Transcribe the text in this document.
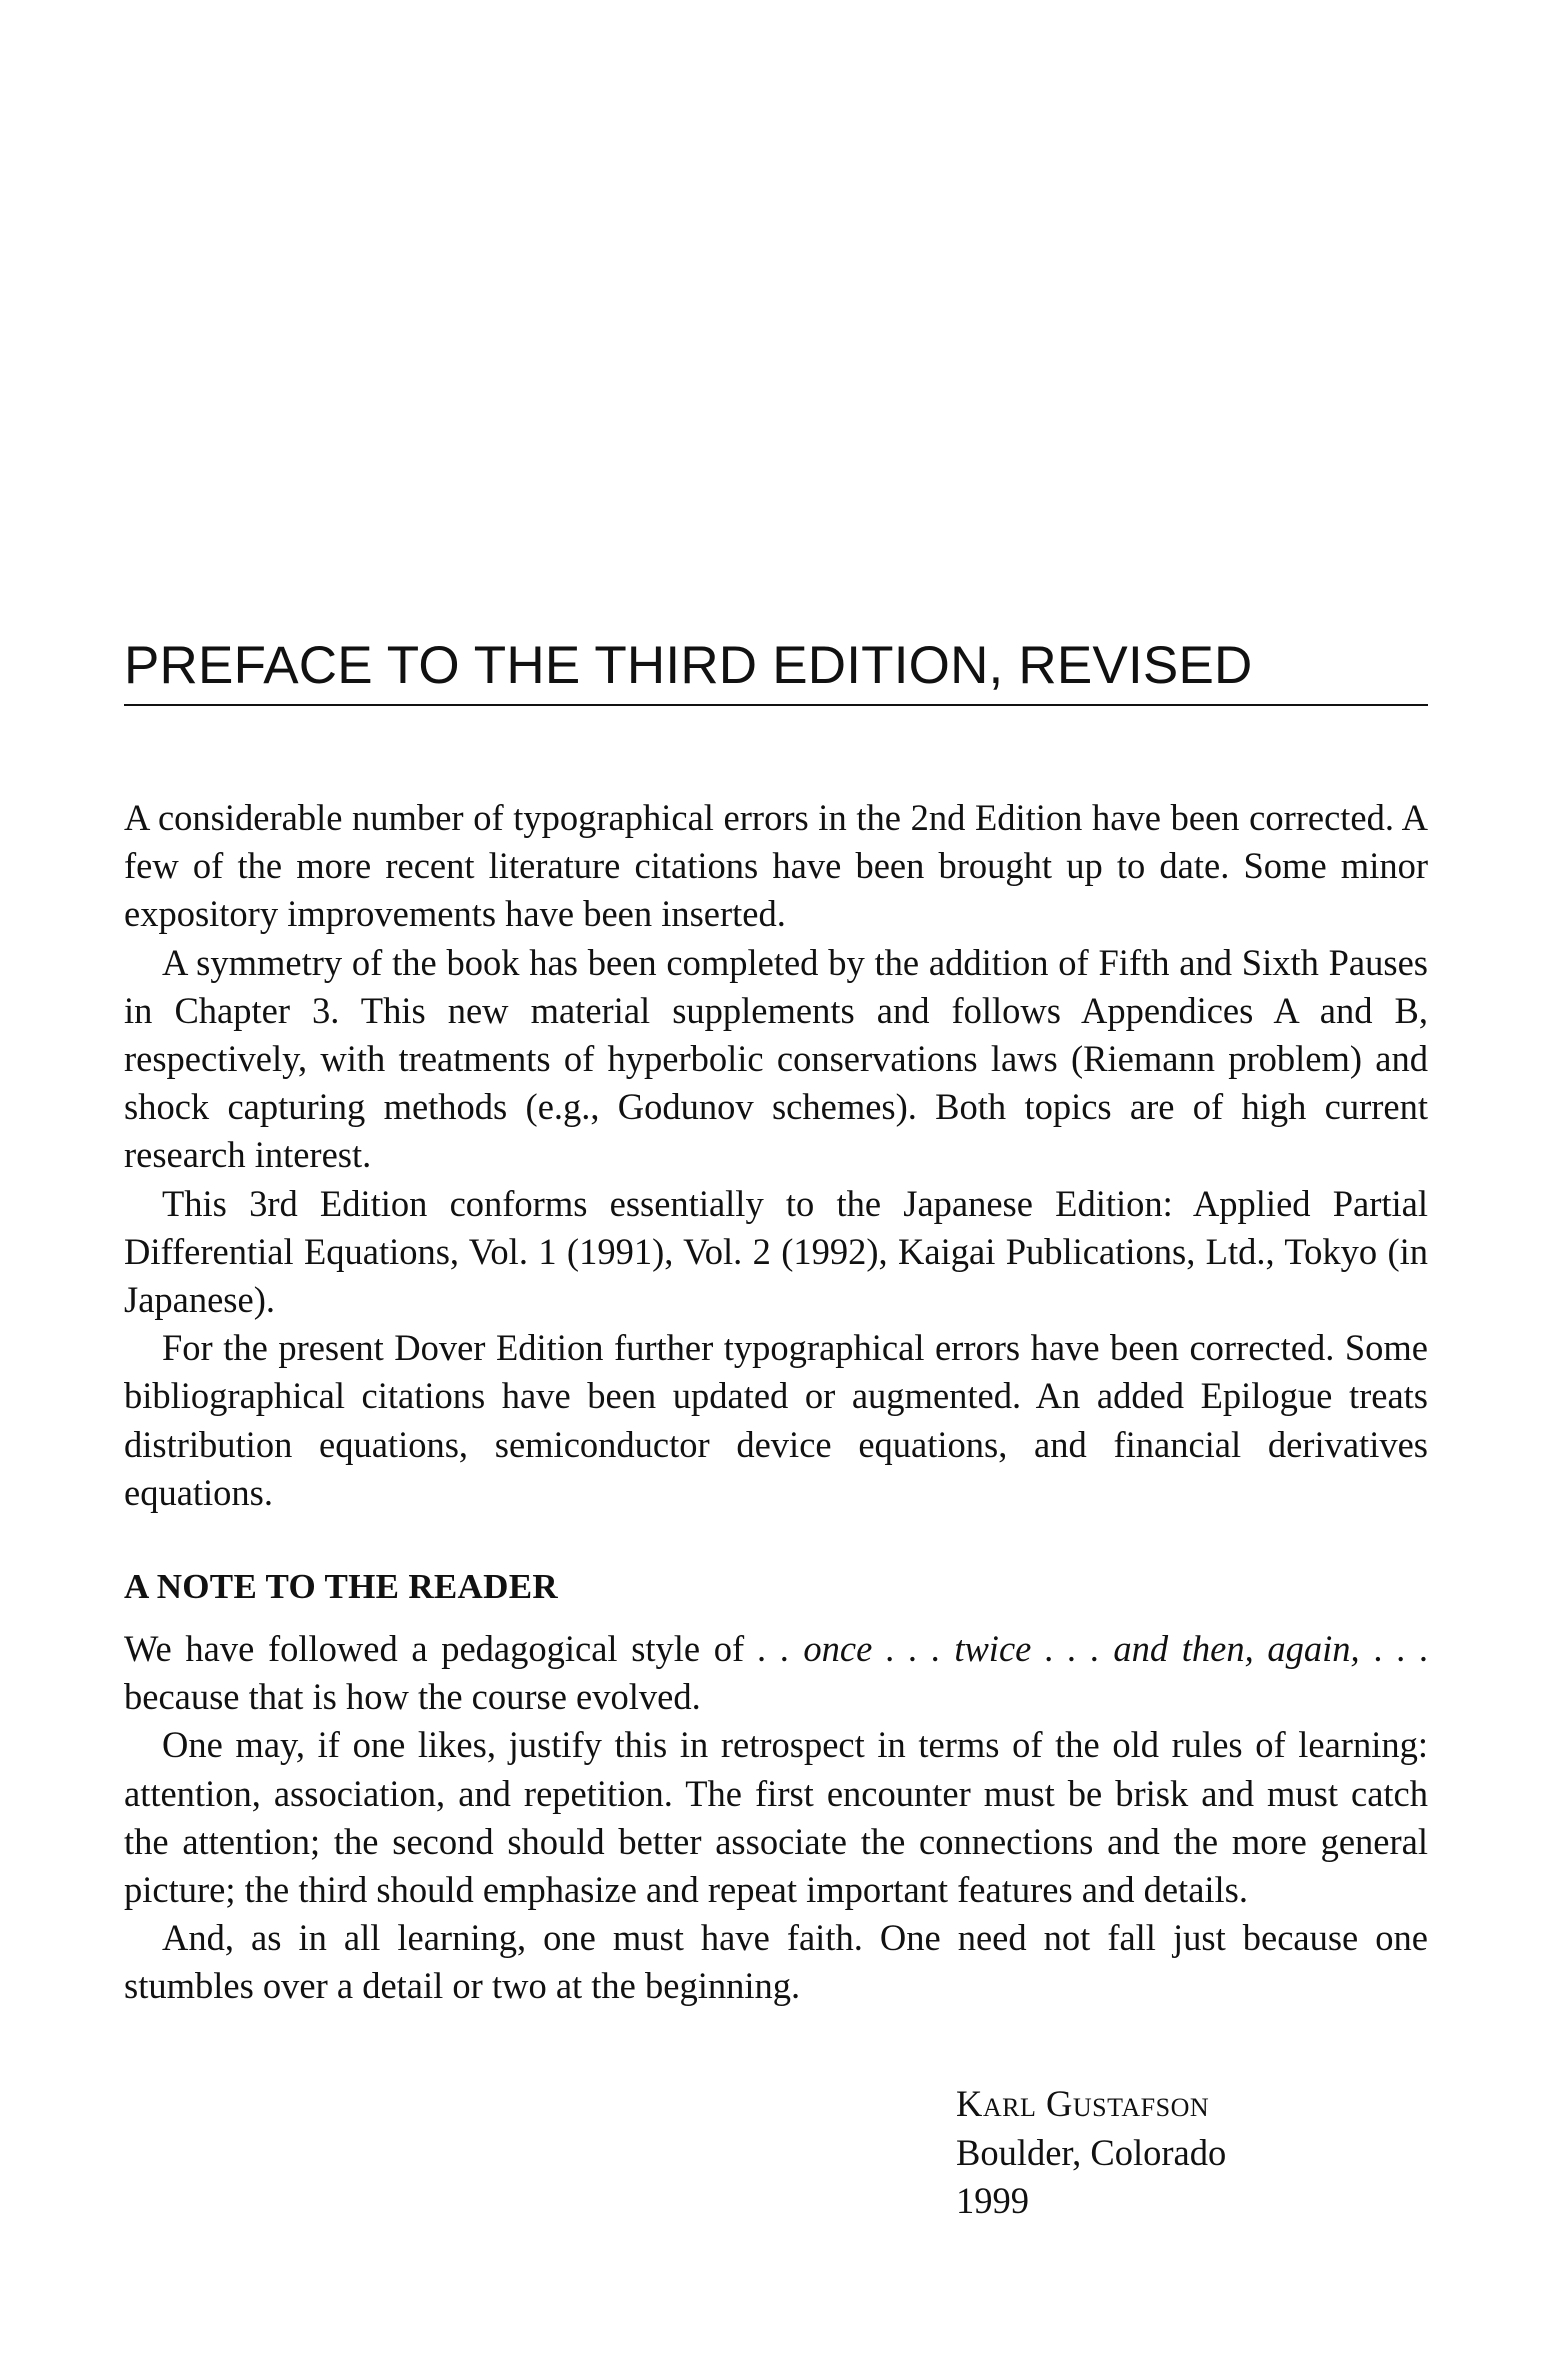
PREFACE TO THE THIRD EDITION, REVISED

A considerable number of typographical errors in the 2nd Edition have been corrected. A few of the more recent literature citations have been brought up to date. Some minor expository improvements have been inserted.

A symmetry of the book has been completed by the addition of Fifth and Sixth Pauses in Chapter 3. This new material supplements and follows Appendices A and B, respectively, with treatments of hyperbolic conservations laws (Riemann problem) and shock capturing methods (e.g., Godunov schemes). Both topics are of high current research interest.

This 3rd Edition conforms essentially to the Japanese Edition: Applied Partial Differential Equations, Vol. 1 (1991), Vol. 2 (1992), Kaigai Publications, Ltd., Tokyo (in Japanese).

For the present Dover Edition further typographical errors have been corrected. Some bibliographical citations have been updated or augmented. An added Epilogue treats distribution equations, semiconductor device equations, and financial derivatives equations.

A NOTE TO THE READER

We have followed a pedagogical style of . . once . . . twice . . . and then, again, . . . because that is how the course evolved.

One may, if one likes, justify this in retrospect in terms of the old rules of learning: attention, association, and repetition. The first encounter must be brisk and must catch the attention; the second should better associate the connections and the more general picture; the third should emphasize and repeat important features and details.

And, as in all learning, one must have faith. One need not fall just because one stumbles over a detail or two at the beginning.

Karl Gustafson
Boulder, Colorado
1999
